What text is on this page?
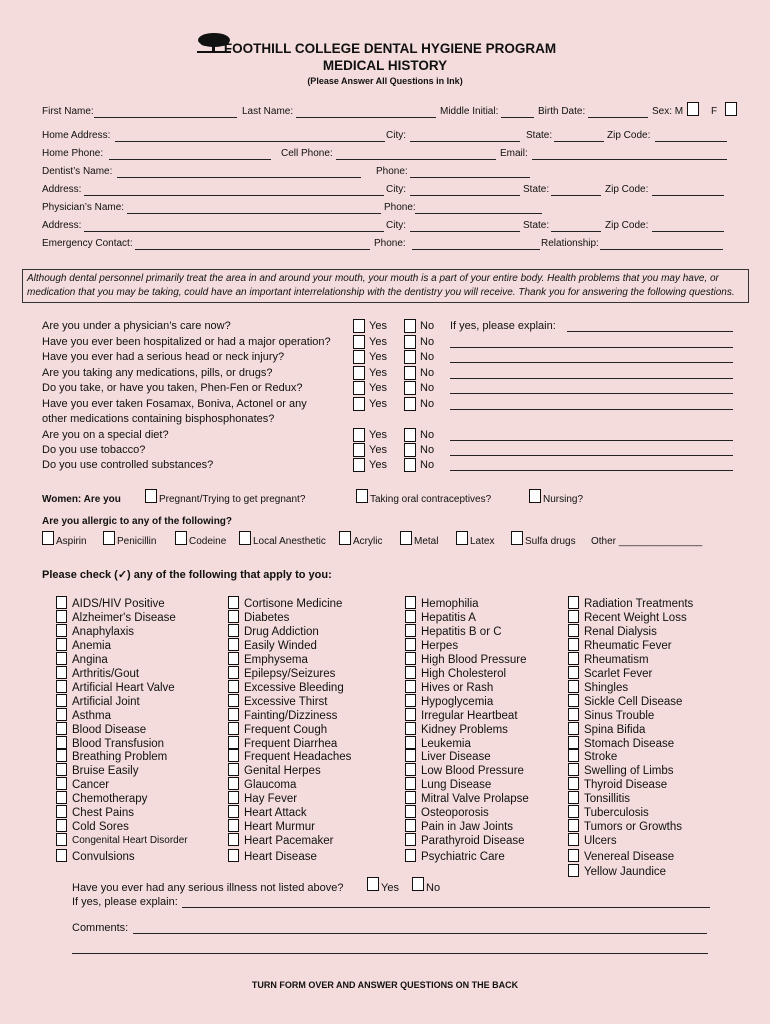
FOOTHILL COLLEGE DENTAL HYGIENE PROGRAM
MEDICAL HISTORY
(Please Answer All Questions in Ink)
First Name:	Last Name:	Middle Initial:	Birth Date:	Sex: M	F
Home Address:	City:	State:	Zip Code:
Home Phone:	Cell Phone:	Email:
Dentist’s Name:	Phone:
Address:	City:	State:	Zip Code:
Physician’s Name:	Phone:
Address:	City:	State:	Zip Code:
Emergency Contact:	Phone:	Relationship:
Although dental personnel primarily treat the area in and around your mouth, your mouth is a part of your entire body. Health problems that you may have, or medication that you may be taking, could have an important interrelationship with the dentistry you will receive. Thank you for answering the following questions.
Are you under a physician’s care now?	Yes	No If yes, please explain:
Have you ever been hospitalized or had a major operation?	Yes	No
Have you ever had a serious head or neck injury?	Yes	No
Are you taking any medications, pills, or drugs?	Yes	No
Do you take, or have you taken, Phen-Fen or Redux?	Yes	No
Have you ever taken Fosamax, Boniva, Actonel or any	Yes	No
other medications containing bisphosphonates?
Are you on a special diet?	Yes	No
Do you use tobacco?	Yes	No
Do you use controlled substances?	Yes	No
Women: Are you	Pregnant/Trying to get pregnant?	Taking oral contraceptives?	Nursing?
Are you allergic to any of the following?
Aspirin	Penicillin	Codeine	Local Anesthetic	Acrylic	Metal	Latex	Sulfa drugs Other _______________
Please check (✓) any of the following that apply to you:
AIDS/HIV Positive
Alzheimer's Disease
Anaphylaxis
Anemia
Angina
Arthritis/Gout
Artificial Heart Valve
Artificial Joint
Asthma
Blood Disease
Blood Transfusion
Breathing Problem
Bruise Easily
Cancer
Chemotherapy
Chest Pains
Cold Sores
Congenital Heart Disorder
Convulsions
Cortisone Medicine
Diabetes
Drug Addiction
Easily Winded
Emphysema
Epilepsy/Seizures
Excessive Bleeding
Excessive Thirst
Fainting/Dizziness
Frequent Cough
Frequent Diarrhea
Frequent Headaches
Genital Herpes
Glaucoma
Hay Fever
Heart Attack
Heart Murmur
Heart Pacemaker
Heart Disease
Hemophilia
Hepatitis A
Hepatitis B or C
Herpes
High Blood Pressure
High Cholesterol
Hives or Rash
Hypoglycemia
Irregular Heartbeat
Kidney Problems
Leukemia
Liver Disease
Low Blood Pressure
Lung Disease
Mitral Valve Prolapse
Osteoporosis
Pain in Jaw Joints
Parathyroid Disease
Psychiatric Care
Radiation Treatments
Recent Weight Loss
Renal Dialysis
Rheumatic Fever
Rheumatism
Scarlet Fever
Shingles
Sickle Cell Disease
Sinus Trouble
Spina Bifida
Stomach Disease
Stroke
Swelling of Limbs
Thyroid Disease
Tonsillitis
Tuberculosis
Tumors or Growths
Ulcers
Venereal Disease
Yellow Jaundice
Have you ever had any serious illness not listed above?	Yes No
If yes, please explain:
Comments:
TURN FORM OVER AND ANSWER QUESTIONS ON THE BACK
